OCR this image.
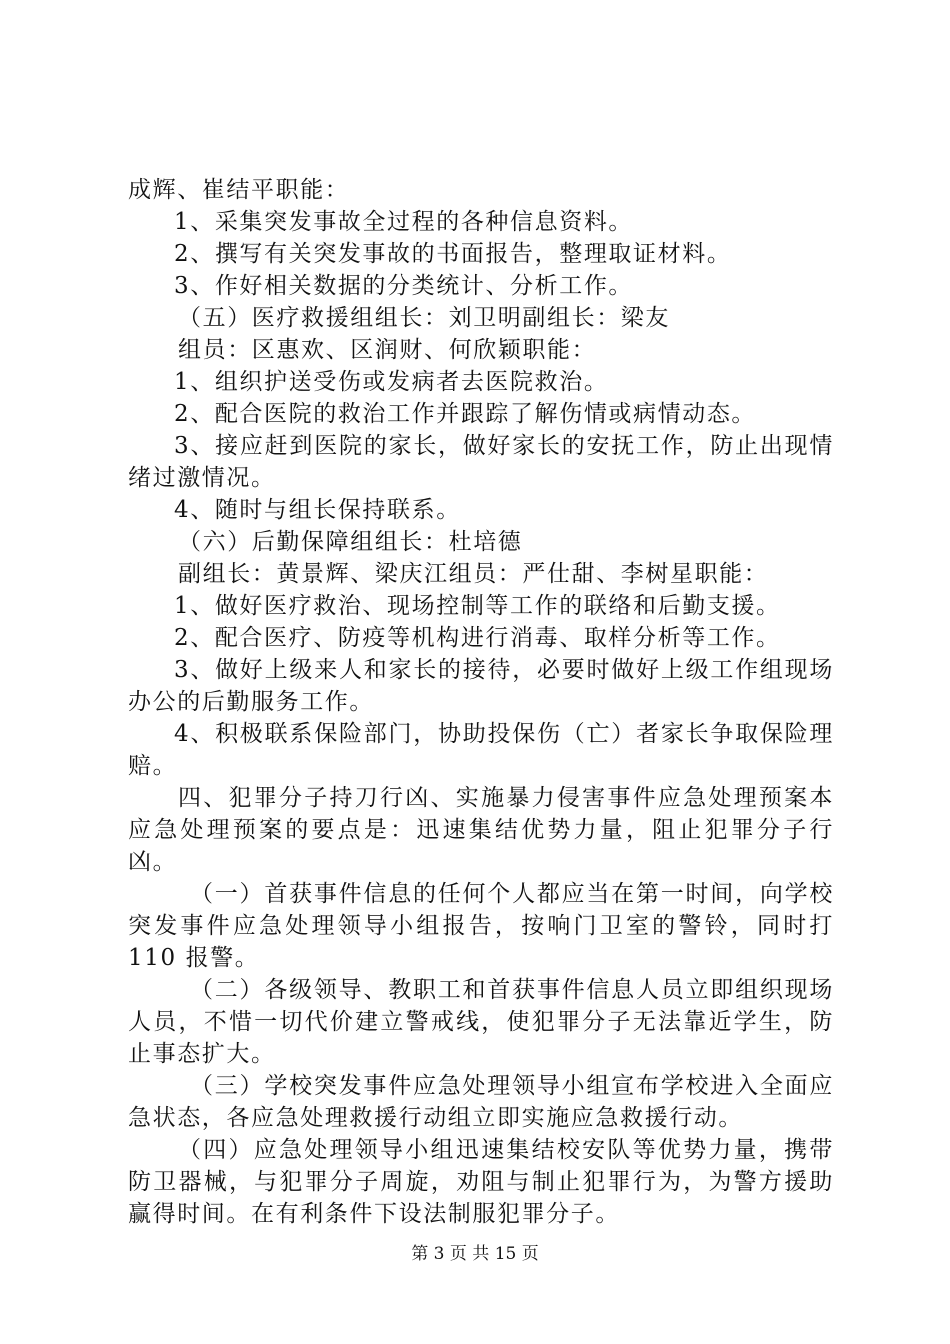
成辉、崔结平职能：

1、采集突发事故全过程的各种信息资料。

2、撰写有关突发事故的书面报告，整理取证材料。

3、作好相关数据的分类统计、分析工作。

（五）医疗救援组组长：刘卫明副组长：梁友

组员：区惠欢、区润财、何欣颖职能：

1、组织护送受伤或发病者去医院救治。

2、配合医院的救治工作并跟踪了解伤情或病情动态。

3、接应赶到医院的家长，做好家长的安抚工作，防止出现情绪过激情况。

4、随时与组长保持联系。

（六）后勤保障组组长：杜培德

副组长：黄景辉、梁庆江组员：严仕甜、李树星职能：

1、做好医疗救治、现场控制等工作的联络和后勤支援。

2、配合医疗、防疫等机构进行消毒、取样分析等工作。

3、做好上级来人和家长的接待，必要时做好上级工作组现场办公的后勤服务工作。

4、积极联系保险部门，协助投保伤（亡）者家长争取保险理赔。

四、犯罪分子持刀行凶、实施暴力侵害事件应急处理预案本应急处理预案的要点是：迅速集结优势力量，阻止犯罪分子行凶。

（一）首获事件信息的任何个人都应当在第一时间，向学校突发事件应急处理领导小组报告，按响门卫室的警铃，同时打 110 报警。

（二）各级领导、教职工和首获事件信息人员立即组织现场人员，不惜一切代价建立警戒线，使犯罪分子无法靠近学生，防止事态扩大。

（三）学校突发事件应急处理领导小组宣布学校进入全面应急状态，各应急处理救援行动组立即实施应急救援行动。

（四）应急处理领导小组迅速集结校安队等优势力量，携带防卫器械，与犯罪分子周旋，劝阻与制止犯罪行为，为警方援助赢得时间。在有利条件下设法制服犯罪分子。

第 3 页 共 15 页
